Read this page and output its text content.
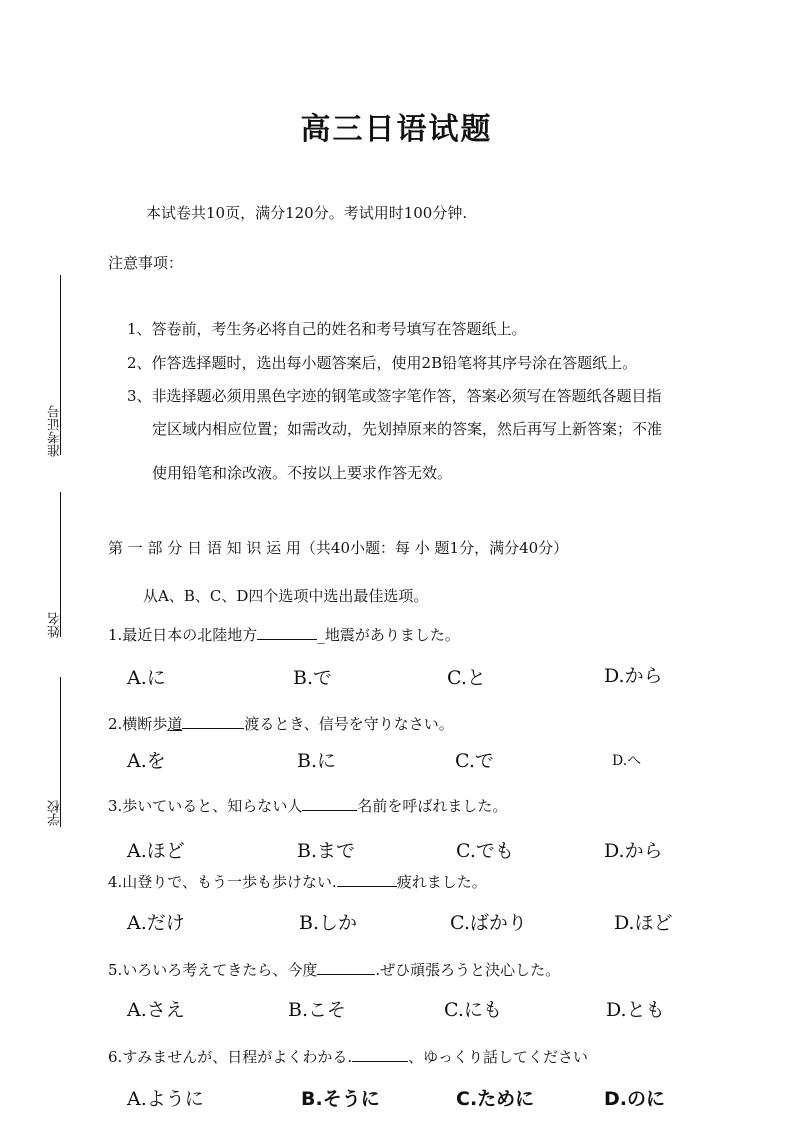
高三日语试题
本试卷共10页，满分120分。考试用时100分钟.
注意事项：
1、答卷前，考生务必将自己的姓名和考号填写在答题纸上。
2、作答选择题时，选出每小题答案后，使用2B铅笔将其序号涂在答题纸上。
3、非选择题必须用黑色字迹的钢笔或签字笔作答，答案必须写在答题纸各题目指
定区域内相应位置；如需改动，先划掉原来的答案，然后再写上新答案；不准
使用铅笔和涂改液。不按以上要求作答无效。
第 一 部 分 日 语 知 识 运 用（共40小题：每 小 题1分，满分40分）
从A、B、C、D四个选项中选出最佳选项。
准考证号
姓名
学校
1.最近日本の北陸地方	_地震がありました。
A.に	B.で	C.と	D.から
2.横断歩道	渡るとき、信号を守りなさい。
A.を	B.に	C.で	D.へ
3.歩いていると、知らない人	名前を呼ばれました。
A.ほど	B.まで	C.でも	D.から
4.山登りで、もう一歩も歩けない.	疲れました。
A.だけ	B.しか	C.ばかり	D.ほど
5.いろいろ考えてきたら、今度	.ぜひ頑張ろうと決心した。
A.さえ	B.こそ	C.にも	D.とも
6.すみませんが、日程がよくわかる.	、ゆっくり話してください
A.ように	B.そうに	C.ために	D.のに
